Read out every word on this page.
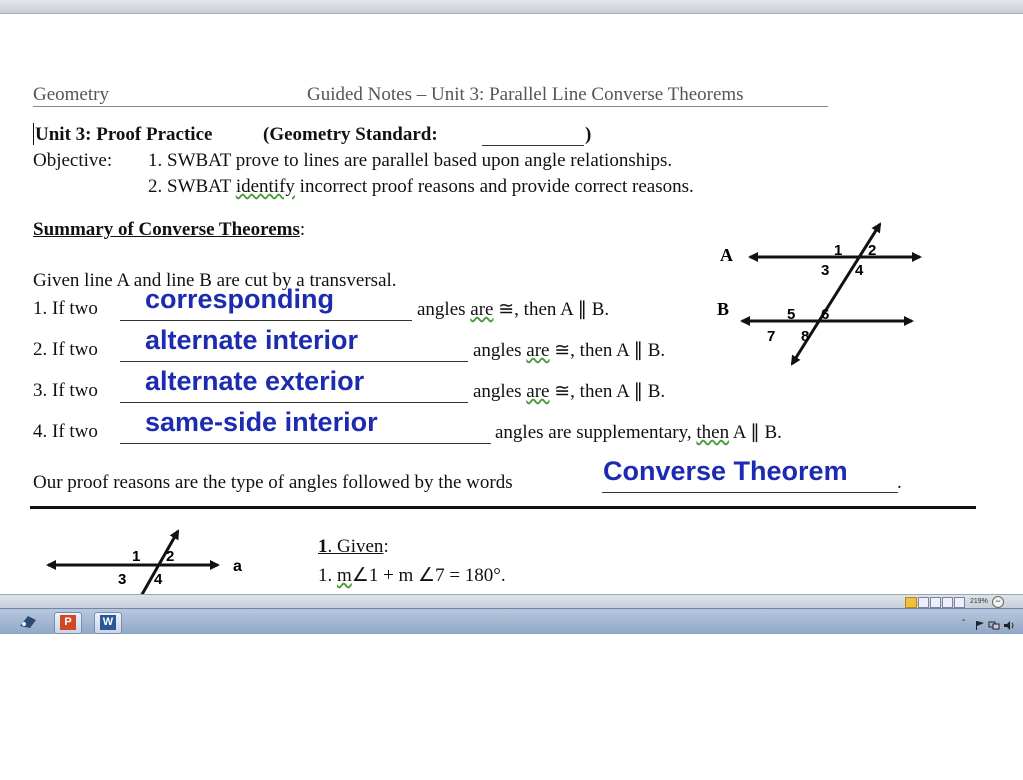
Geometry	Guided Notes – Unit 3: Parallel Line Converse Theorems
Unit 3: Proof Practice	(Geometry Standard:	)
Objective: 1. SWBAT prove to lines are parallel based upon angle relationships.
2. SWBAT identify incorrect proof reasons and provide correct reasons.
Summary of Converse Theorems:
Given line A and line B are cut by a transversal.
1. If two corresponding	angles are ≅, then A ∥ B.
2. If two alternate interior	angles are ≅, then A ∥ B.
3. If two alternate exterior	angles are ≅, then A ∥ B.
4. If two same-side interior	angles are supplementary, then A ∥ B.
Our proof reasons are the type of angles followed by the words	Converse Theorem	.
A
B
1 2
3 4
5 6
7 8
1 2
3 4
a
1. Given:
1. m∠1 + m ∠7 = 180°.
219% −
P	W	-
